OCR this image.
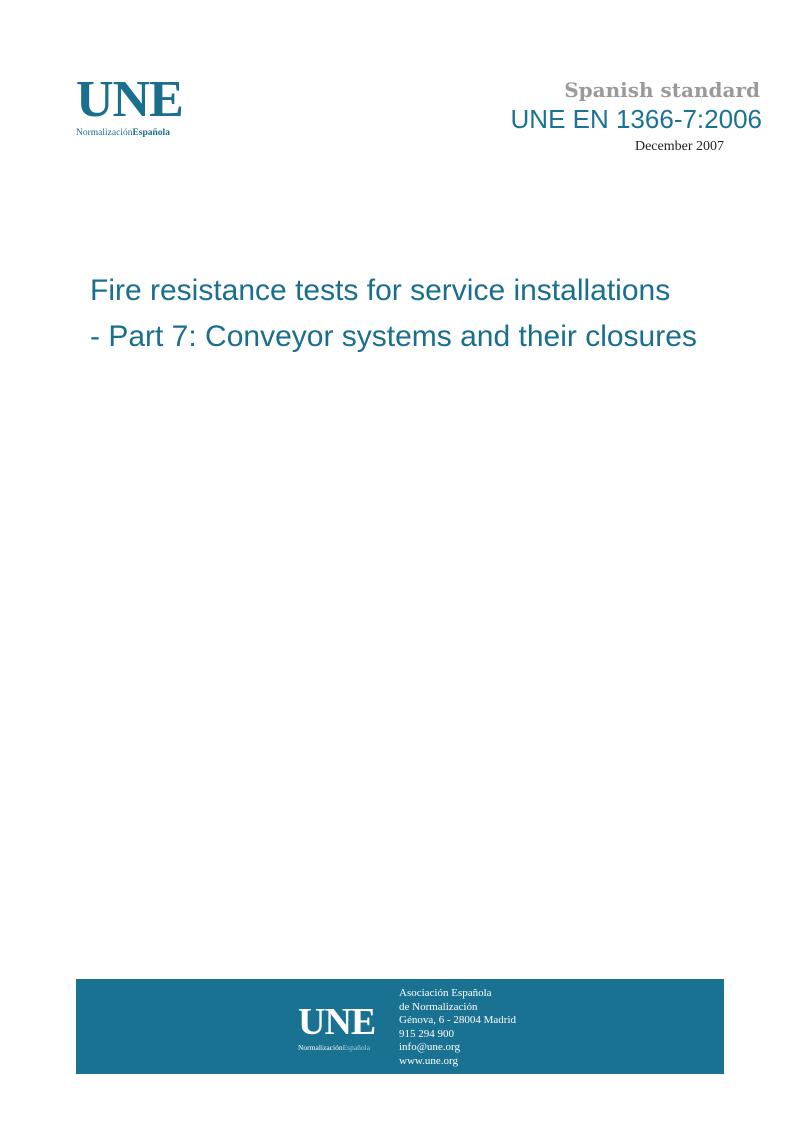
UNE
NormalizaciónEspañola
Spanish standard
UNE EN 1366-7:2006
December 2007
Fire resistance tests for service installations
- Part 7: Conveyor systems and their closures
UNE
NormalizaciónEspañola
Asociación Española
de Normalización
Génova, 6 - 28004 Madrid
915 294 900
info@une.org
www.une.org
